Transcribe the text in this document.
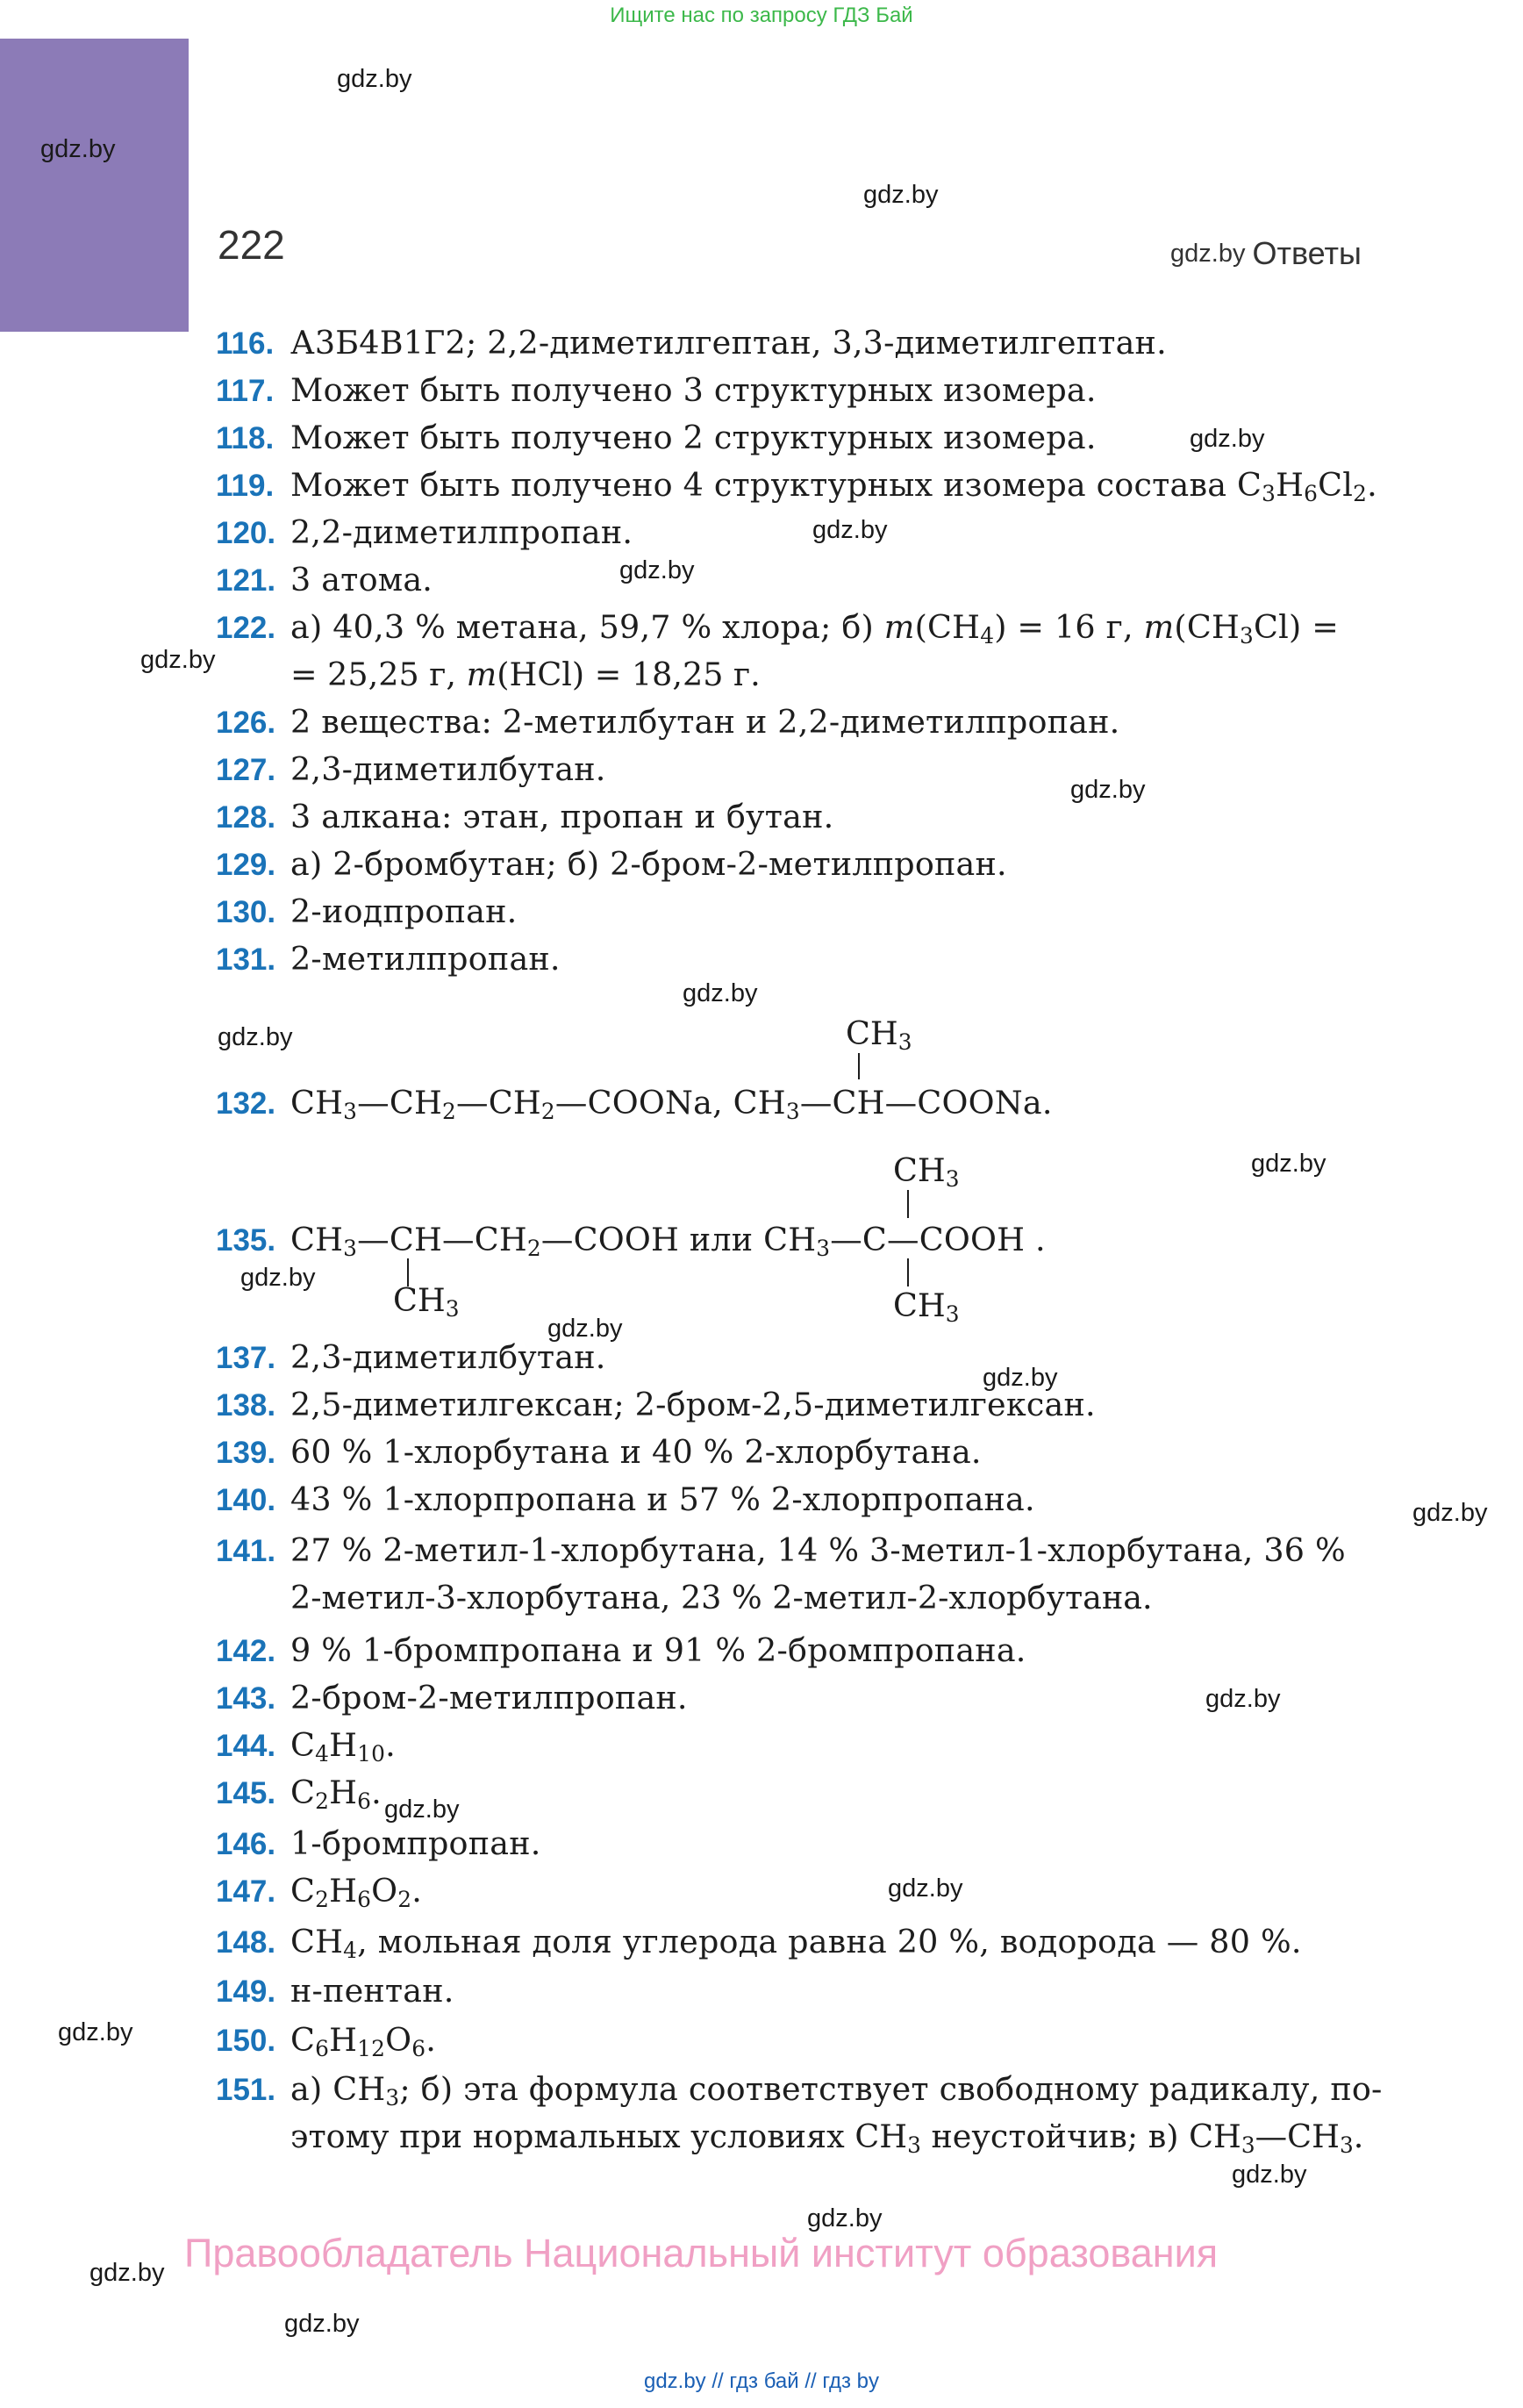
Ищите нас по запросу ГДЗ Бай
gdz.by
gdz.by
gdz.by
gdz.by
gdz.by
gdz.by
gdz.by
gdz.by
gdz.by
gdz.by
gdz.by
gdz.by
gdz.by
gdz.by
gdz.by
gdz.by
gdz.by
gdz.by
gdz.by
gdz.by
gdz.by
gdz.by
gdz.by
222	gdz.by Ответы
116. А3Б4В1Г2; 2,2-диметилгептан, 3,3-диметилгептан.
117. Может быть получено 3 структурных изомера.
118. Может быть получено 2 структурных изомера.
119. Может быть получено 4 структурных изомера состава $C_3H_6Cl_2$.
120. 2,2-диметилпропан.
121. 3 атома.
122. а) 40,3 % метана, 59,7 % хлора; б) $m(CH_4) = 16$ г, $m(CH_3Cl)$ =
= 25,25 г, m(HCl) = 18,25 г.
126. 2 вещества: 2-метилбутан и 2,2-диметилпропан.
127. 2,3-диметилбутан.
128. 3 алкана: этан, пропан и бутан.
129. а) 2-бромбутан; б) 2-бром-2-метилпропан.
130. 2-иодпропан.
131. 2-метилпропан.
$CH_3$
132. $CH_3—CH_2—CH_2—COONa$, $CH_3—CH—COONa$.
$CH_3$
135. $CH_3—CH—CH_2—COOH$ или $CH_3—C—COOH$ .
$CH_3$	$CH_3$
137. 2,3-диметилбутан.
138. 2,5-диметилгексан; 2-бром-2,5-диметилгексан.
139. 60 % 1-хлорбутана и 40 % 2-хлорбутана.
140. 43 % 1-хлорпропана и 57 % 2-хлорпропана.
141. 27 % 2-метил-1-хлорбутана, 14 % 3-метил-1-хлорбутана, 36 %
2-метил-3-хлорбутана, 23 % 2-метил-2-хлорбутана.
142. 9 % 1-бромпропана и 91 % 2-бромпропана.
143. 2-бром-2-метилпропан.
144. $C_4H_{10}$.
145. $C_2H_6$.
146. 1-бромпропан.
147. $C_2H_6O_2$.
148. $CH_4$, мольная доля углерода равна 20 %, водорода — 80 %.
149. н-пентан.
150. $C_6H_{12}O_6$.
151. а) $CH_3$; б) эта формула соответствует свободному радикалу, по-
этому при нормальных условиях $CH_3$ неустойчив; в) $CH_3—CH_3$.
Правообладатель Национальный институт образования
gdz.by // гдз бай // гдз by
